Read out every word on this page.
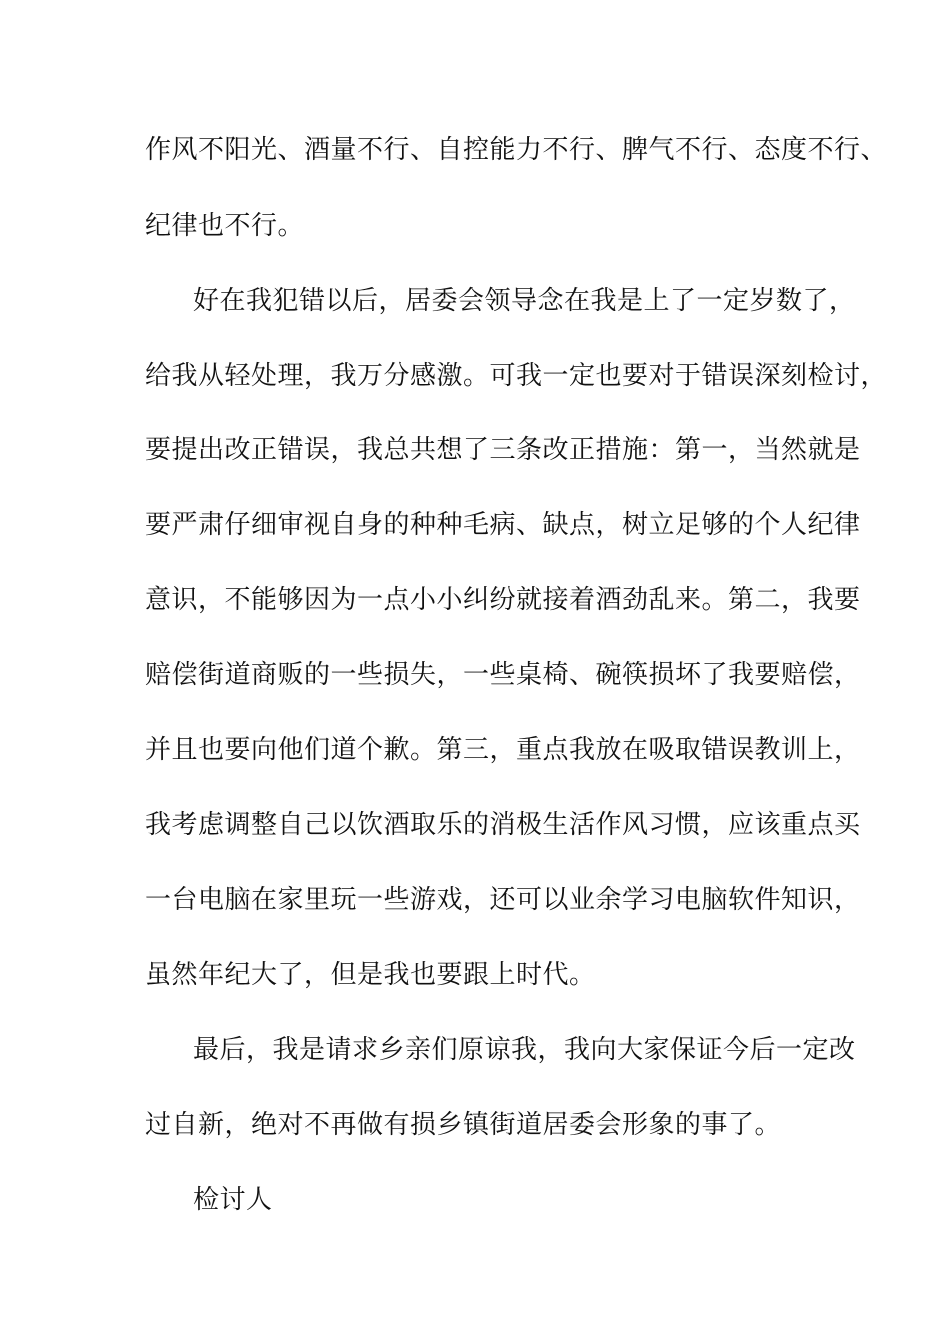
作风不阳光、酒量不行、自控能力不行、脾气不行、态度不行、
纪律也不行。
好在我犯错以后，居委会领导念在我是上了一定岁数了，
给我从轻处理，我万分感激。可我一定也要对于错误深刻检讨，
要提出改正错误，我总共想了三条改正措施：第一，当然就是
要严肃仔细审视自身的种种毛病、缺点，树立足够的个人纪律
意识，不能够因为一点小小纠纷就接着酒劲乱来。第二，我要
赔偿街道商贩的一些损失，一些桌椅、碗筷损坏了我要赔偿，
并且也要向他们道个歉。第三，重点我放在吸取错误教训上，
我考虑调整自己以饮酒取乐的消极生活作风习惯，应该重点买
一台电脑在家里玩一些游戏，还可以业余学习电脑软件知识，
虽然年纪大了，但是我也要跟上时代。
最后，我是请求乡亲们原谅我，我向大家保证今后一定改
过自新，绝对不再做有损乡镇街道居委会形象的事了。
检讨人
